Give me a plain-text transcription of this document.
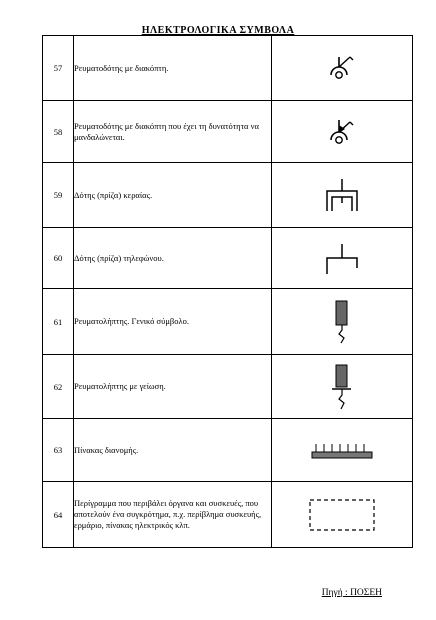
ΗΛΕΚΤΡΟΛΟΓΙΚΑ ΣΥΜΒΟΛΑ
57	Ρευματοδότης με διακόπτη.	

58	Ρευματοδότης με διακόπτη που έχει τη δυνατότητα να μανδαλώνεται.	

59	Δότης (πρίζα) κεραίας.	

60	Δότης (πρίζα) τηλεφώνου.	

61	Ρευματολήπτης. Γενικό σύμβολο.	

62	Ρευματολήπτης με γείωση.	

63	Πίνακας διανομής.	

64	Περίγραμμα που περιβάλει όργανα και συσκευές, που αποτελούν ένα συγκρότημα, π.χ. περίβλημα συσκευής, ερμάριο, πίνακας ηλεκτρικός κλπ.	
Πηγή : ΠΟΣΕΗ
